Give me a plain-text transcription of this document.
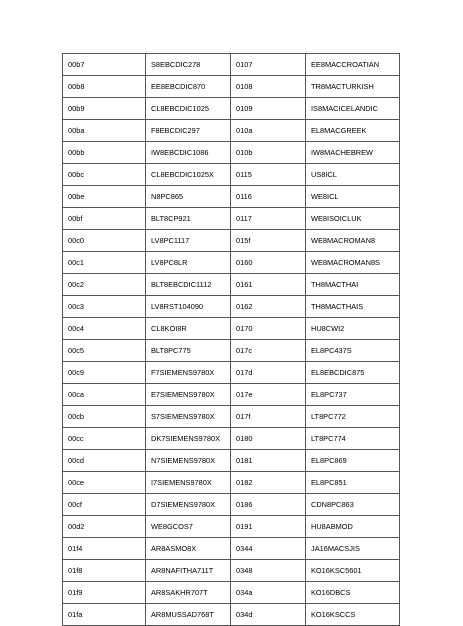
00b7	S8EBCDIC278	0107	EE8MACCROATIAN
00b8	EE8EBCDIC870	0108	TR8MACTURKISH
00b9	CL8EBCDIC1025	0109	IS8MACICELANDIC
00ba	F8EBCDIC297	010a	EL8MACGREEK
00bb	IW8EBCDIC1086	010b	IW8MACHEBREW
00bc	CL8EBCDIC1025X	0115	US8ICL
00be	N8PC865	0116	WE8ICL
00bf	BLT8CP921	0117	WE8ISOICLUK
00c0	LV8PC1117	015f	WE8MACROMAN8
00c1	LV8PC8LR	0160	WE8MACROMAN8S
00c2	BLT8EBCDIC1112	0161	TH8MACTHAI
00c3	LV8RST104090	0162	TH8MACTHAIS
00c4	CL8KOI8R	0170	HU8CWI2
00c5	BLT8PC775	017c	EL8PC437S
00c9	F7SIEMENS9780X	017d	EL8EBCDIC875
00ca	E7SIEMENS9780X	017e	EL8PC737
00cb	S7SIEMENS9780X	017f	LT8PC772
00cc	DK7SIEMENS9780X	0180	LT8PC774
00cd	N7SIEMENS9780X	0181	EL8PC869
00ce	I7SIEMENS9780X	0182	EL8PC851
00cf	D7SIEMENS9780X	0186	CDN8PC863
00d2	WE8GCOS7	0191	HU8ABMOD
01f4	AR8ASMO8X	0344	JA16MACSJIS
01f8	AR8NAFITHA711T	0348	KO16KSC5601
01f9	AR8SAKHR707T	034a	KO16DBCS
01fa	AR8MUSSAD768T	034d	KO16KSCCS
